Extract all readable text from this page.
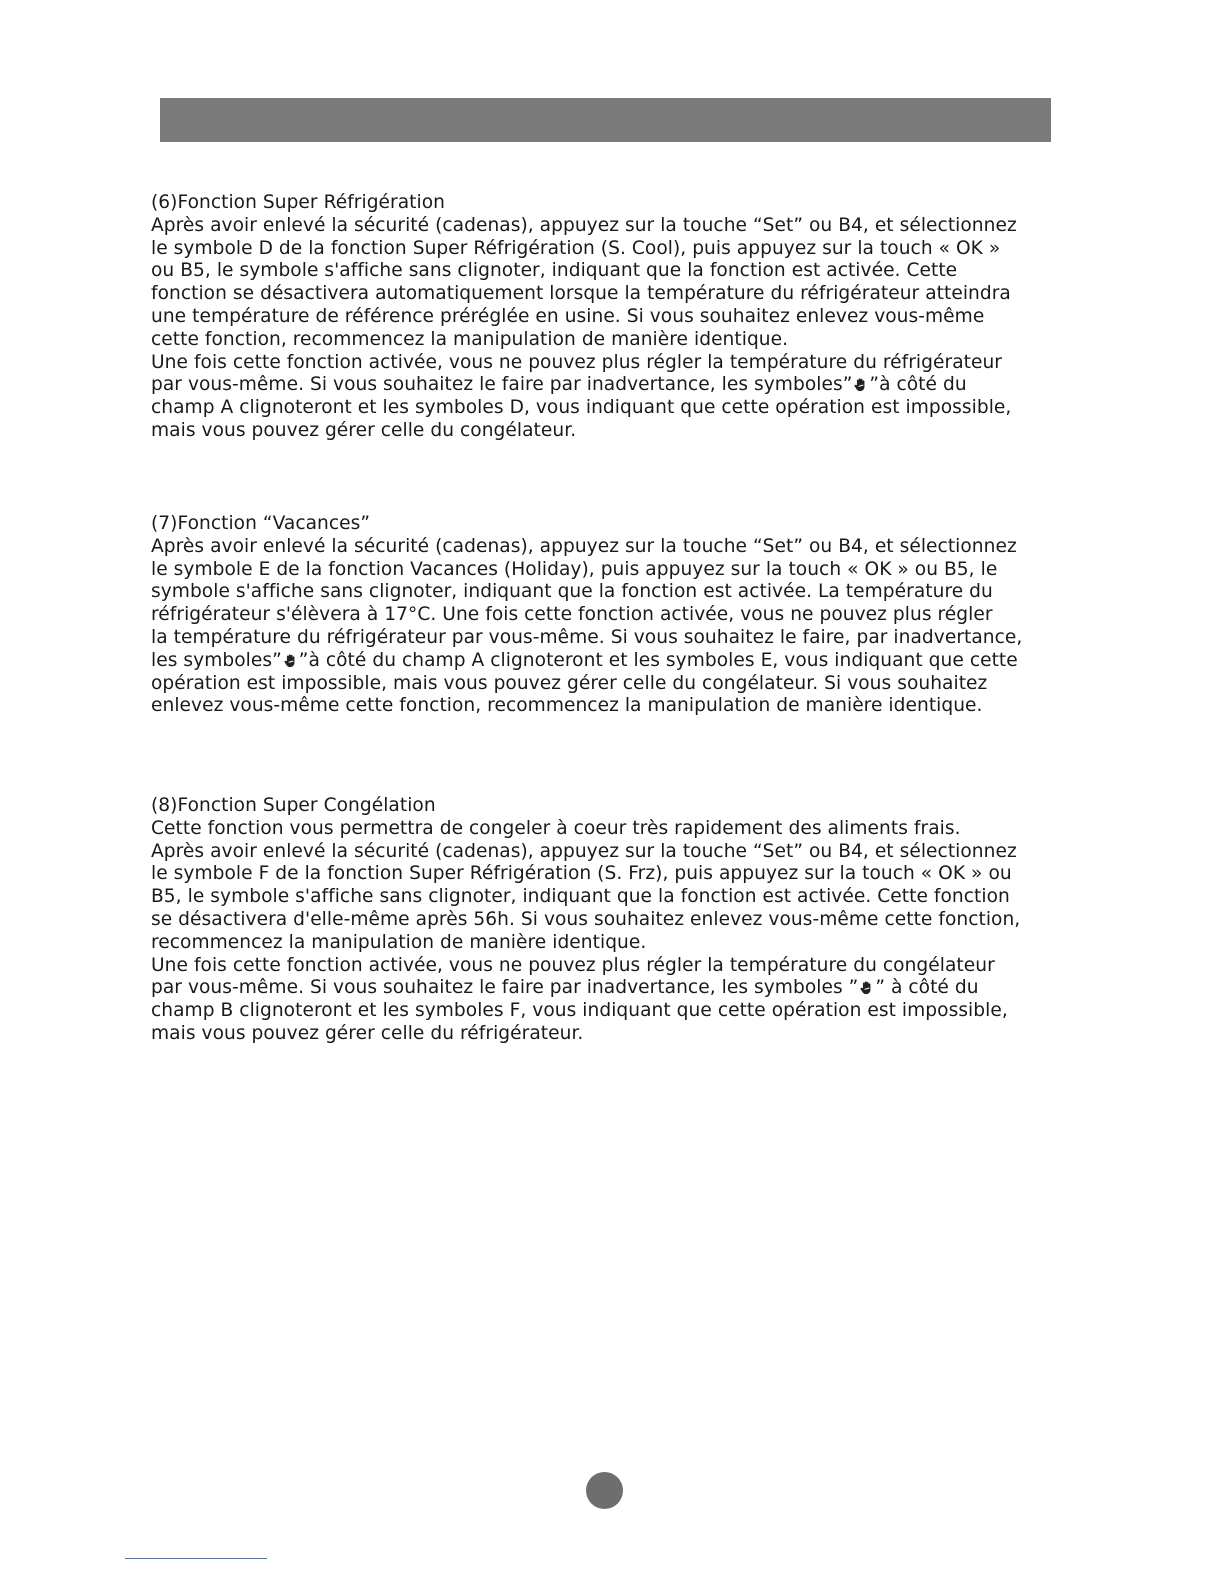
(6)Fonction Super Réfrigération
Après avoir enlevé la sécurité (cadenas), appuyez sur la touche “Set” ou B4, et sélectionnez
le symbole D de la fonction Super Réfrigération (S. Cool), puis appuyez sur la touch « OK »
ou B5, le symbole s'affiche sans clignoter, indiquant que la fonction est activée. Cette
fonction se désactivera automatiquement lorsque la température du réfrigérateur atteindra
une température de référence préréglée en usine. Si vous souhaitez enlevez vous-même
cette fonction, recommencez la manipulation de manière identique.
Une fois cette fonction activée, vous ne pouvez plus régler la température du réfrigérateur
par vous-même. Si vous souhaitez le faire par inadvertance, les symboles” ”à côté du
champ A clignoteront et les symboles D, vous indiquant que cette opération est impossible,
mais vous pouvez gérer celle du congélateur.
(7)Fonction “Vacances”
Après avoir enlevé la sécurité (cadenas), appuyez sur la touche “Set” ou B4, et sélectionnez
le symbole E de la fonction Vacances (Holiday), puis appuyez sur la touch « OK » ou B5, le
symbole s'affiche sans clignoter, indiquant que la fonction est activée. La température du
réfrigérateur s'élèvera à 17°C. Une fois cette fonction activée, vous ne pouvez plus régler
la température du réfrigérateur par vous-même. Si vous souhaitez le faire, par inadvertance,
les symboles” ”à côté du champ A clignoteront et les symboles E, vous indiquant que cette
opération est impossible, mais vous pouvez gérer celle du congélateur. Si vous souhaitez
enlevez vous-même cette fonction, recommencez la manipulation de manière identique.
(8)Fonction Super Congélation
Cette fonction vous permettra de congeler à coeur très rapidement des aliments frais.
Après avoir enlevé la sécurité (cadenas), appuyez sur la touche “Set” ou B4, et sélectionnez
le symbole F de la fonction Super Réfrigération (S. Frz), puis appuyez sur la touch « OK » ou
B5, le symbole s'affiche sans clignoter, indiquant que la fonction est activée. Cette fonction
se désactivera d'elle-même après 56h. Si vous souhaitez enlevez vous-même cette fonction,
recommencez la manipulation de manière identique.
Une fois cette fonction activée, vous ne pouvez plus régler la température du congélateur
par vous-même. Si vous souhaitez le faire par inadvertance, les symboles ” ” à côté du
champ B clignoteront et les symboles F, vous indiquant que cette opération est impossible,
mais vous pouvez gérer celle du réfrigérateur.
